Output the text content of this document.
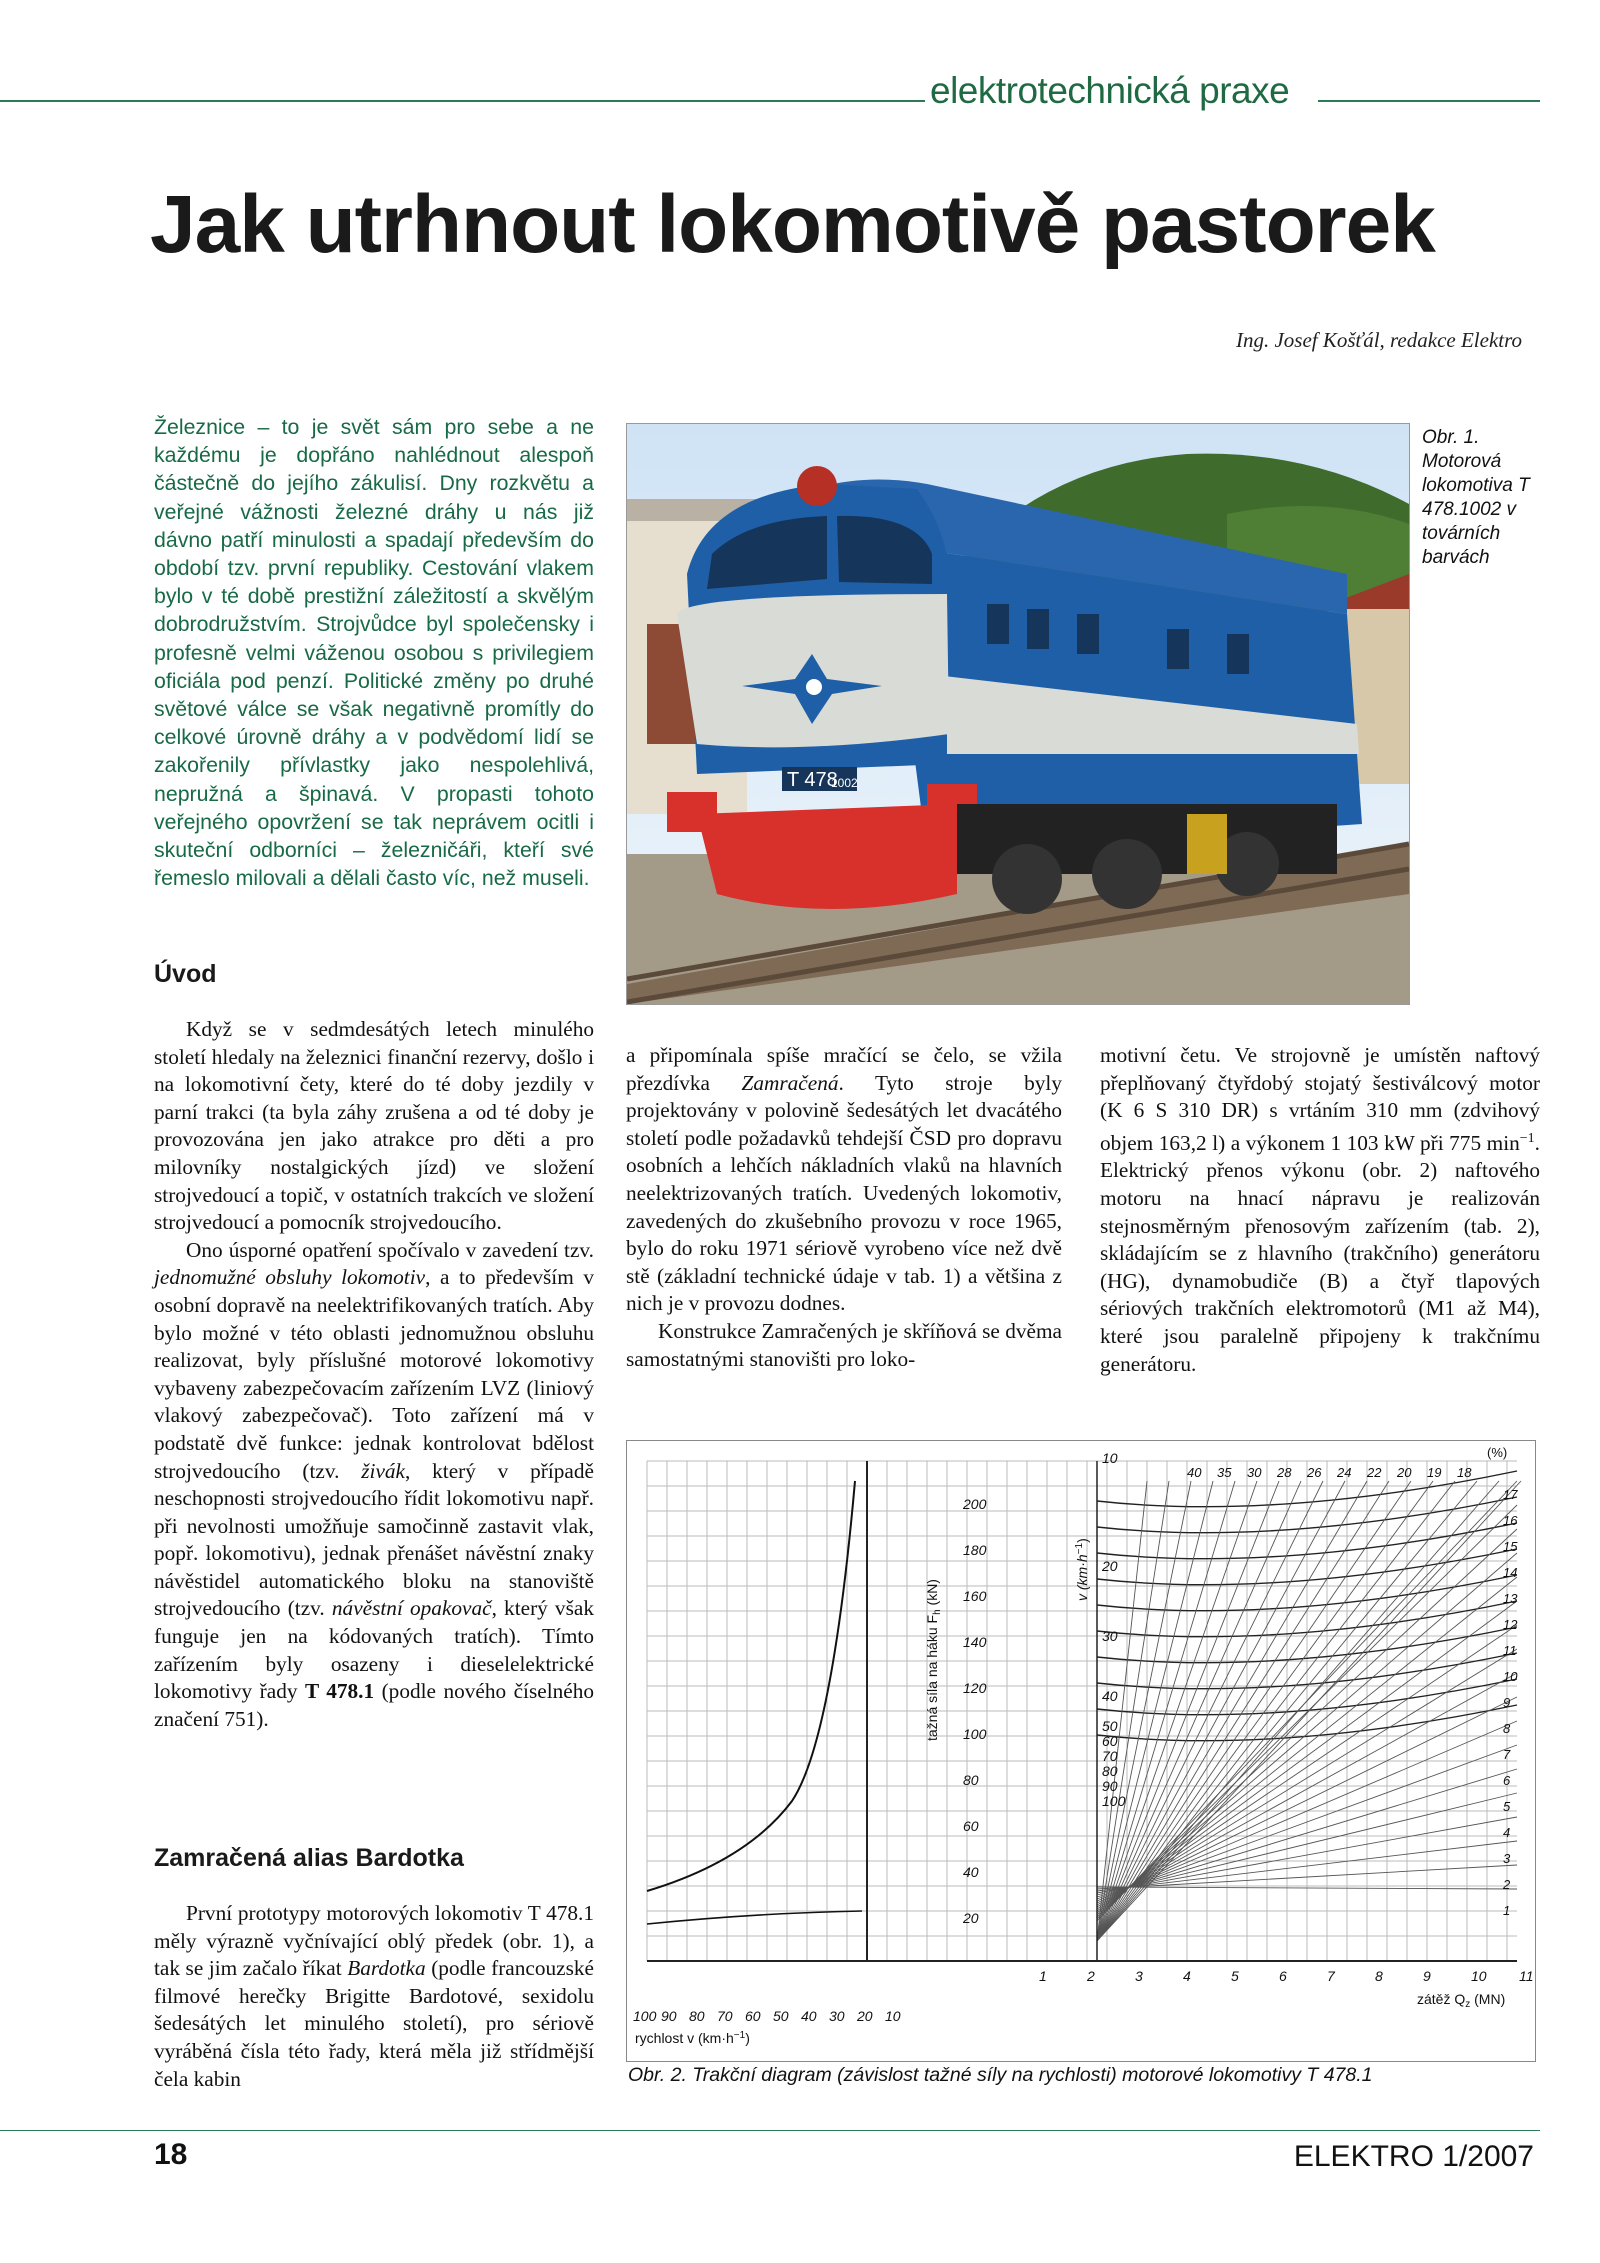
elektrotechnická praxe
Jak utrhnout lokomotivě pastorek
Ing. Josef Košťál, redakce Elektro
Železnice – to je svět sám pro sebe a ne každému je dopřáno nahlédnout alespoň částečně do jejího zákulisí. Dny rozkvětu a veřejné vážnosti železné dráhy u nás již dávno patří minulosti a spadají především do období tzv. první republiky. Cestování vlakem bylo v té době prestižní záležitostí a skvělým dobrodružstvím. Strojvůdce byl společensky i profesně velmi váženou osobou s privilegiem oficiála pod penzí. Politické změny po druhé světové válce se však negativně promítly do celkové úrovně dráhy a v podvědomí lidí se zakořenily přívlastky jako nespolehlivá, nepružná a špinavá. V propasti tohoto veřejného opovržení se tak neprávem ocitli i skuteční odborníci – železničáři, kteří své řemeslo milovali a dělali často víc, než museli.
T 478
1002
Obr. 1. Motorová lokomotiva T 478.1002 v továrních barvách
Úvod

Když se v sedmdesátých letech minulého století hledaly na železnici finanční rezervy, došlo i na lokomotivní čety, které do té doby jezdily v parní trakci (ta byla záhy zrušena a od té doby je provozována jen jako atrakce pro děti a pro milovníky nostalgických jízd) ve složení strojvedoucí a topič, v ostatních trakcích ve složení strojvedoucí a pomocník strojvedoucího.

Ono úsporné opatření spočívalo v zavedení tzv. jednomužné obsluhy lokomotiv, a to především v osobní dopravě na neelektrifikovaných tratích. Aby bylo možné v této oblasti jednomužnou obsluhu realizovat, byly příslušné motorové lokomotivy vybaveny zabezpečovacím zařízením LVZ (liniový vlakový zabezpečovač). Toto zařízení má v podstatě dvě funkce: jednak kontrolovat bdělost strojvedoucího (tzv. živák, který v případě neschopnosti strojvedoucího řídit lokomotivu např. při nevolnosti umožňuje samočinně zastavit vlak, popř. lokomotivu), jednak přenášet návěstní znaky návěstidel automatického bloku na stanoviště strojvedoucího (tzv. návěstní opakovač, který však funguje jen na kódovaných tratích). Tímto zařízením byly osazeny i dieselelektrické lokomotivy řady T 478.1 (podle nového číselného značení 751).

Zamračená alias Bardotka

První prototypy motorových lokomotiv T 478.1 měly výrazně vyčnívající oblý předek (obr. 1), a tak se jim začalo říkat Bardotka (podle francouzské filmové herečky Brigitte Bardotové, sexidolu šedesátých let minulého století), pro sériově vyráběná čísla této řady, která měla již střídmější čela kabin

a připomínala spíše mračící se čelo, se vžila přezdívka Zamračená. Tyto stroje byly projektovány v polovině šedesátých let dvacátého století podle požadavků tehdejší ČSD pro dopravu osobních a lehčích nákladních vlaků na hlavních neelektrizovaných tratích. Uvedených lokomotiv, zavedených do zkušebního provozu v roce 1965, bylo do roku 1971 sériově vyrobeno více než dvě stě (základní technické údaje v tab. 1) a většina z nich je v provozu dodnes.

Konstrukce Zamračených je skříňová se dvěma samostatnými stanovišti pro loko-

motivní četu. Ve strojovně je umístěn naftový přeplňovaný čtyřdobý stojatý šestiválcový motor (K 6 S 310 DR) s vrtáním 310 mm (zdvihový objem 163,2 l) a výkonem 1 103 kW při 775 $\min^{-1}$. Elektrický přenos výkonu (obr. 2) naftového motoru na hnací nápravu je realizován stejnosměrným přenosovým zařízením (tab. 2), skládajícím se z hlavního (trakčního) generátoru (HG), dynamobudiče (B) a čtyř tlapových sériových trakčních elektromotorů (M1 až M4), které jsou paralelně připojeny k trakčnímu generátoru.

tažná síla na háku $F_h$ (kN)
200
180
160
140
120
100
80
60
40
20
v $(km\cdot h^{-1})$
10
20
30
40
50
60
70
80
90
100
100 90 80 70 60 50 40 30 20 10
rychlost v $(km\cdot h^{-1})$
1	2	3	4	5	6	7	8	9	10 11
zátěž $Q_z$ (MN)
(%)
40 35 30 28 26 24 22 20 19 18
17
16
15
14
13
12
11
10
9
8
7
6
5
4
3
2
1
Obr. 2. Trakční diagram (závislost tažné síly na rychlosti) motorové lokomotivy T 478.1
18	ELEKTRO 1/2007
